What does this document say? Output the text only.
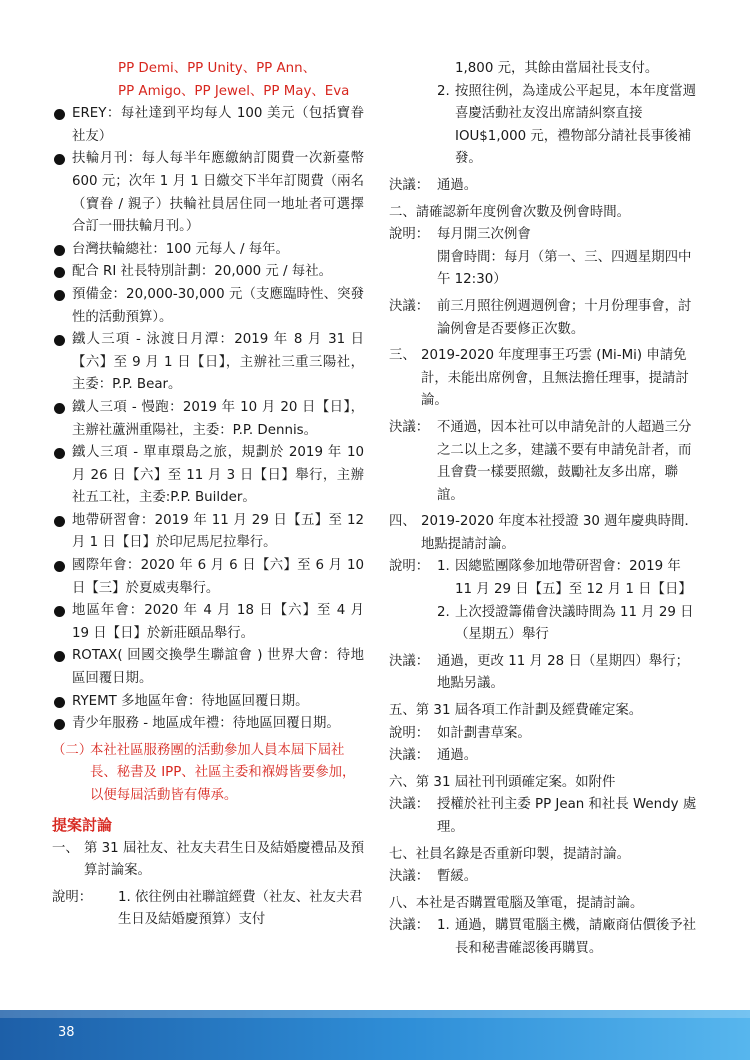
PP Demi、PP Unity、PP Ann、
PP Amigo、PP Jewel、PP May、Eva
EREY：每社達到平均每人 100 美元（包括寶眷社友）
扶輪月刊：每人每半年應繳納訂閱費一次新臺幣 600 元；次年 1 月 1 日繳交下半年訂閱費（兩名（寶眷 / 親子）扶輪社員居住同一地址者可選擇合訂一冊扶輪月刊。）
台灣扶輪總社：100 元每人 / 每年。
配合 RI 社長特別計劃：20,000 元 / 每社。
預備金：20,000-30,000 元（支應臨時性、突發性的活動預算）。
鐵人三項 - 泳渡日月潭：2019 年 8 月 31 日【六】至 9 月 1 日【日】，主辦社三重三陽社，主委：P.P. Bear。
鐵人三項 - 慢跑：2019 年 10 月 20 日【日】，主辦社蘆洲重陽社，主委：P.P. Dennis。
鐵人三項 - 單車環島之旅，規劃於 2019 年 10 月 26 日【六】至 11 月 3 日【日】舉行，主辦社五工社，主委:P.P. Builder。
地帶研習會：2019 年 11 月 29 日【五】至 12 月 1 日【日】於印尼馬尼拉舉行。
國際年會：2020 年 6 月 6 日【六】至 6 月 10 日【三】於夏威夷舉行。
地區年會：2020 年 4 月 18 日【六】至 4 月 19 日【日】於新莊頤品舉行。
ROTAX( 回國交換學生聯誼會 ) 世界大會：待地區回覆日期。
RYEMT 多地區年會：待地區回覆日期。
青少年服務 - 地區成年禮：待地區回覆日期。
（二）
本社社區服務團的活動參加人員本屆下屆社長、秘書及 IPP、社區主委和褓姆皆要參加，以便每屆活動皆有傳承。
提案討論
一、 第 31 屆社友、社友夫君生日及結婚慶禮品及預算討論案。
說明： 1. 依往例由社聯誼經費（社友、社友夫君生日及結婚慶預算）支付
1,800 元，其餘由當屆社長支付。
2. 按照往例，為達成公平起見，本年度當週喜慶活動社友沒出席請糾察直接 IOU$1,000 元，禮物部分請社長事後補發。
決議： 通過。
二、請確認新年度例會次數及例會時間。
說明： 每月開三次例會
開會時間：每月（第一、三、四週星期四中午 12:30）
決議： 前三月照往例週週例會；十月份理事會，討論例會是否要修正次數。
三、 2019-2020 年度理事王巧雲 (Mi-Mi) 申請免計，未能出席例會，且無法擔任理事，提請討論。
決議： 不通過，因本社可以申請免計的人超過三分之二以上之多，建議不要有申請免計者，而且會費一樣要照繳，鼓勵社友多出席，聯誼。
四、 2019-2020 年度本社授證 30 週年慶典時間．地點提請討論。
說明： 1. 因總監團隊參加地帶研習會：2019 年 11 月 29 日【五】至 12 月 1 日【日】
2. 上次授證籌備會決議時間為 11 月 29 日（星期五）舉行
決議： 通過，更改 11 月 28 日（星期四）舉行；地點另議。
五、第 31 屆各項工作計劃及經費確定案。
說明： 如計劃書草案。
決議： 通過。
六、第 31 屆社刊刊頭確定案。如附件
決議： 授權於社刊主委 PP Jean 和社長 Wendy 處理。
七、社員名錄是否重新印製，提請討論。
決議： 暫緩。
八、本社是否購置電腦及筆電，提請討論。
決議： 1. 通過，購買電腦主機，請廠商估價後予社長和秘書確認後再購買。
38
